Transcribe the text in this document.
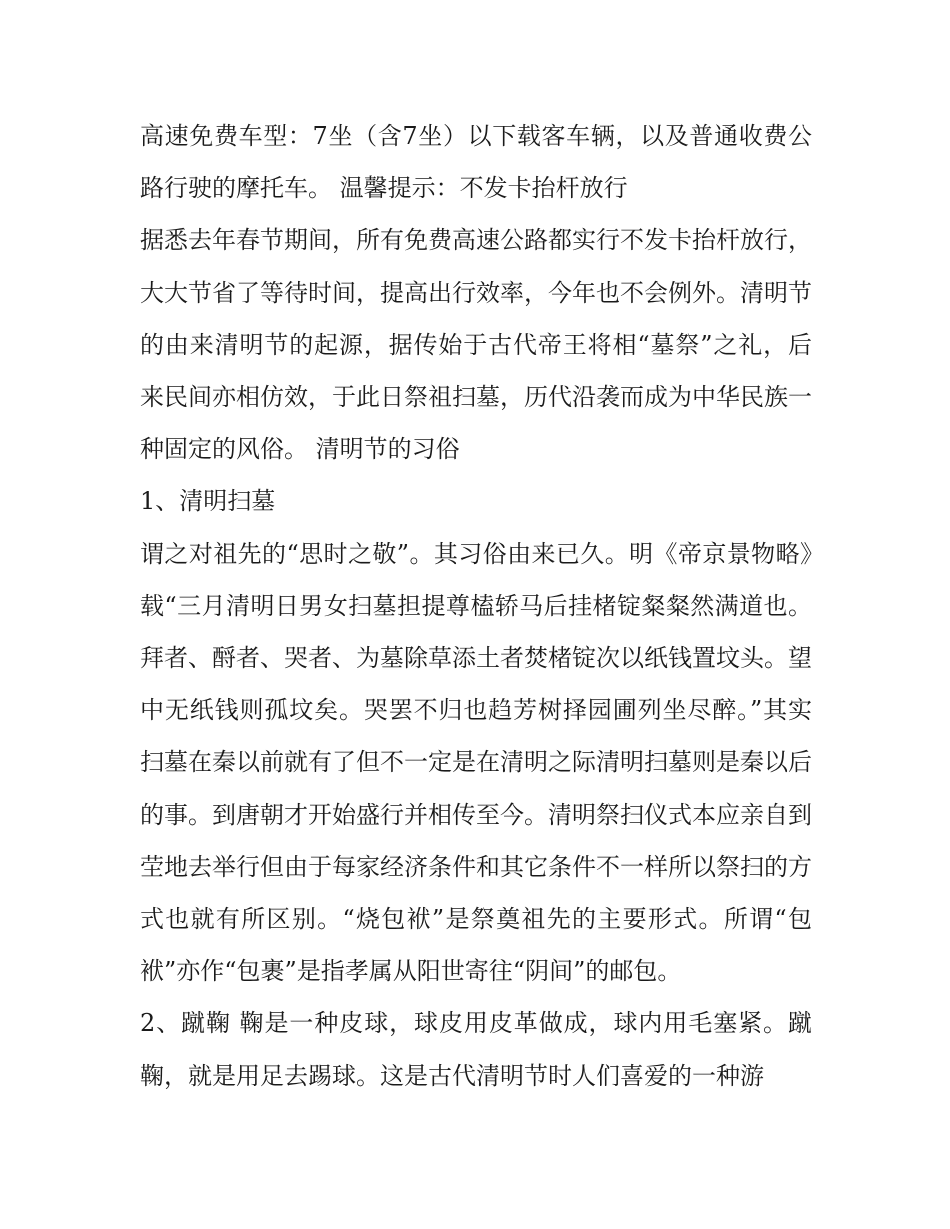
高速免费车型：7坐（含7坐）以下载客车辆，以及普通收费公路行驶的摩托车。 温馨提示：不发卡抬杆放行

据悉去年春节期间，所有免费高速公路都实行不发卡抬杆放行，大大节省了等待时间，提高出行效率，今年也不会例外。清明节的由来清明节的起源，据传始于古代帝王将相“墓祭”之礼，后来民间亦相仿效，于此日祭祖扫墓，历代沿袭而成为中华民族一种固定的风俗。 清明节的习俗

1、清明扫墓

谓之对祖先的“思时之敬”。其习俗由来已久。明《帝京景物略》载“三月清明日男女扫墓担提尊榼轿马后挂楮锭粲粲然满道也。拜者、酹者、哭者、为墓除草添土者焚楮锭次以纸钱置坟头。望中无纸钱则孤坟矣。哭罢不归也趋芳树择园圃列坐尽醉。”其实扫墓在秦以前就有了但不一定是在清明之际清明扫墓则是秦以后的事。到唐朝才开始盛行并相传至今。清明祭扫仪式本应亲自到茔地去举行但由于每家经济条件和其它条件不一样所以祭扫的方式也就有所区别。“烧包袱”是祭奠祖先的主要形式。所谓“包袱”亦作“包裹”是指孝属从阳世寄往“阴间”的邮包。

2、蹴鞠 鞠是一种皮球，球皮用皮革做成，球内用毛塞紧。蹴鞠，就是用足去踢球。这是古代清明节时人们喜爱的一种游
